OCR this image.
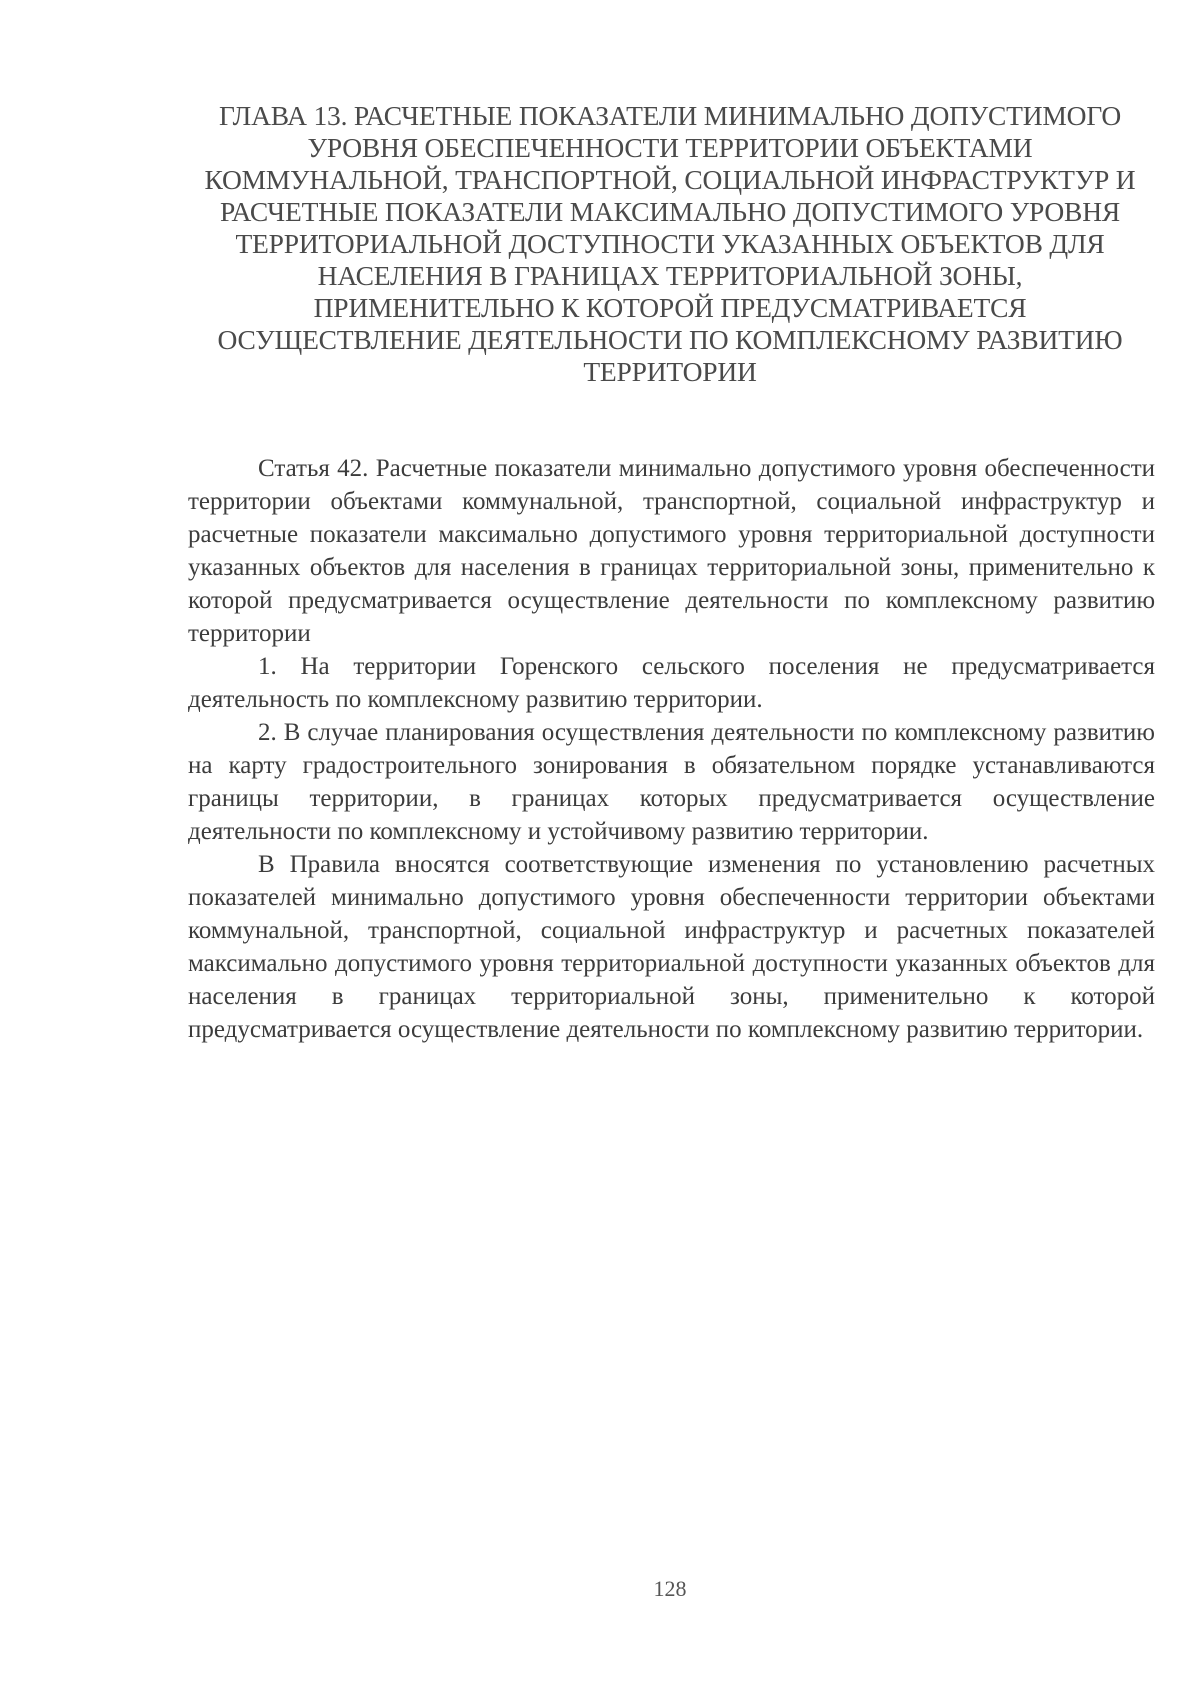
ГЛАВА 13. РАСЧЕТНЫЕ ПОКАЗАТЕЛИ МИНИМАЛЬНО ДОПУСТИМОГО
УРОВНЯ ОБЕСПЕЧЕННОСТИ ТЕРРИТОРИИ ОБЪЕКТАМИ
КОММУНАЛЬНОЙ, ТРАНСПОРТНОЙ, СОЦИАЛЬНОЙ ИНФРАСТРУКТУР И
РАСЧЕТНЫЕ ПОКАЗАТЕЛИ МАКСИМАЛЬНО ДОПУСТИМОГО УРОВНЯ
ТЕРРИТОРИАЛЬНОЙ ДОСТУПНОСТИ УКАЗАННЫХ ОБЪЕКТОВ ДЛЯ
НАСЕЛЕНИЯ В ГРАНИЦАХ ТЕРРИТОРИАЛЬНОЙ ЗОНЫ,
ПРИМЕНИТЕЛЬНО К КОТОРОЙ ПРЕДУСМАТРИВАЕТСЯ
ОСУЩЕСТВЛЕНИЕ ДЕЯТЕЛЬНОСТИ ПО КОМПЛЕКСНОМУ РАЗВИТИЮ
ТЕРРИТОРИИ

Статья 42. Расчетные показатели минимально допустимого уровня обеспеченности территории объектами коммунальной, транспортной, социальной инфраструктур и расчетные показатели максимально допустимого уровня территориальной доступности указанных объектов для населения в границах территориальной зоны, применительно к которой предусматривается осуществление деятельности по комплексному развитию территории

1. На территории Горенского сельского поселения не предусматривается деятельность по комплексному развитию территории.

2. В случае планирования осуществления деятельности по комплексному развитию на карту градостроительного зонирования в обязательном порядке устанавливаются границы территории, в границах которых предусматривается осуществление деятельности по комплексному и устойчивому развитию территории.

В Правила вносятся соответствующие изменения по установлению расчетных показателей минимально допустимого уровня обеспеченности территории объектами коммунальной, транспортной, социальной инфраструктур и расчетных показателей максимально допустимого уровня территориальной доступности указанных объектов для населения в границах территориальной зоны, применительно к которой предусматривается осуществление деятельности по комплексному развитию территории.

128
